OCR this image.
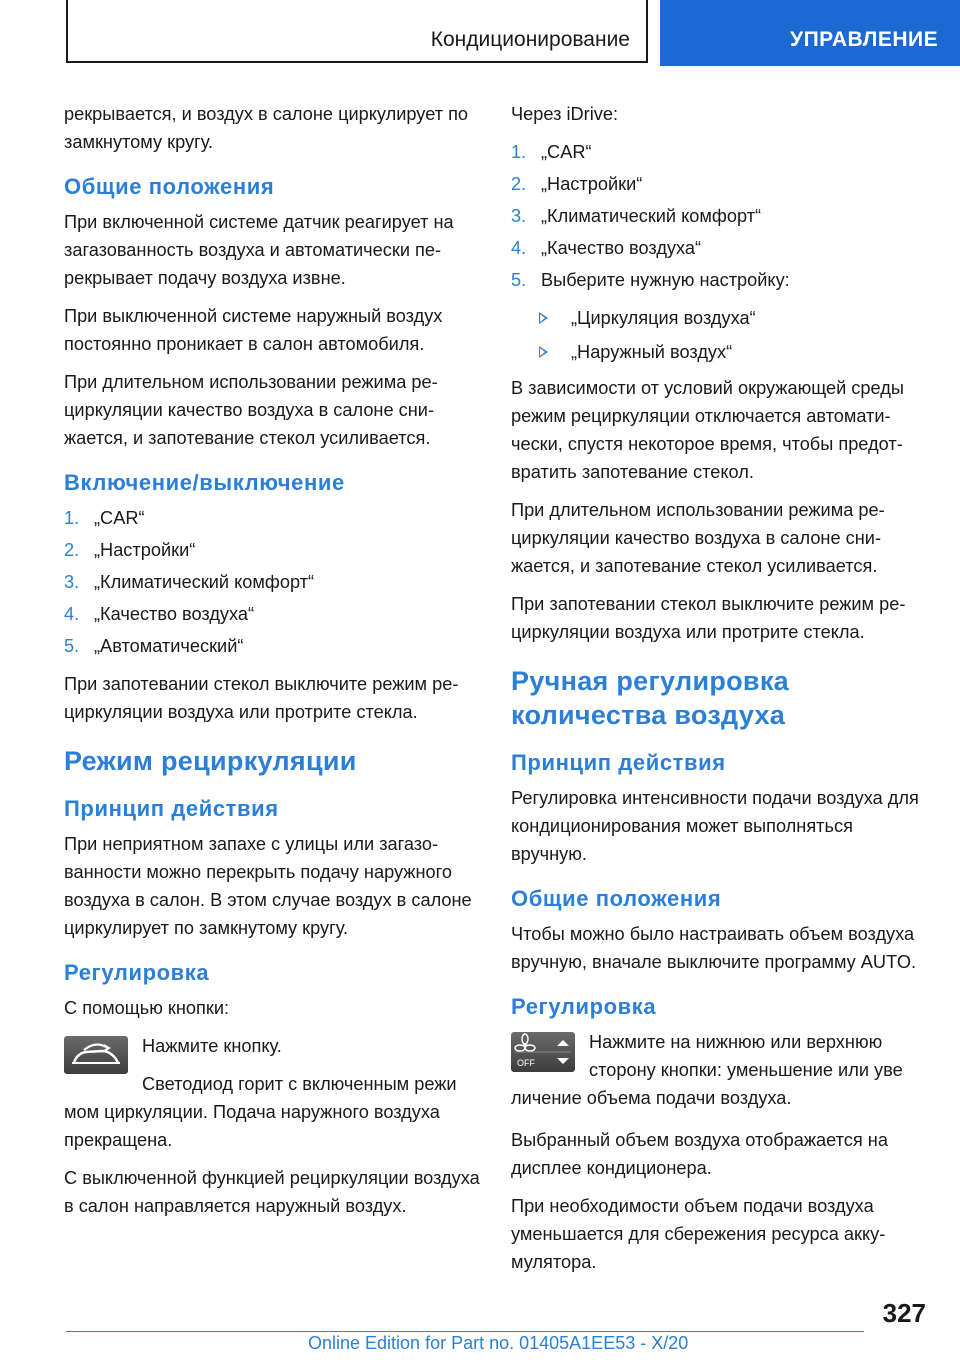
Кондиционирование	УПРАВЛЕНИЕ

рекрывается, и воздух в салоне циркулирует по замкнутому кругу.

Общие положения

При включенной системе датчик реагирует на загазованность воздуха и автоматически перекрывает подачу воздуха извне.

При выключенной системе наружный воздух постоянно проникает в салон автомобиля.

При длительном использовании режима рециркуляции качество воздуха в салоне снижается, и запотевание стекол усиливается.

Включение/выключение
1. „CAR“
2. „Настройки“
3. „Климатический комфорт“
4. „Качество воздуха“
5. „Автоматический“

При запотевании стекол выключите режим рециркуляции воздуха или протрите стекла.

Режим рециркуляции
Принцип действия

При неприятном запахе с улицы или загазованности можно перекрыть подачу наружного воздуха в салон. В этом случае воздух в салоне циркулирует по замкнутому кругу.

Регулировка

С помощью кнопки:

Нажмите кнопку.

Светодиод горит с включенным режи

мом циркуляции. Подача наружного воздуха прекращена.

С выключенной функцией рециркуляции воздуха в салон направляется наружный воздух.

Через iDrive:

1. „CAR“
2. „Настройки“
3. „Климатический комфорт“
4. „Качество воздуха“
5. Выберите нужную настройку:
„Циркуляция воздуха“
„Наружный воздух“

В зависимости от условий окружающей среды режим рециркуляции отключается автоматически, спустя некоторое время, чтобы предотвратить запотевание стекол.

При длительном использовании режима рециркуляции качество воздуха в салоне снижается, и запотевание стекол усиливается.

При запотевании стекол выключите режим рециркуляции воздуха или протрите стекла.

Ручная регулировка количества воздуха
Принцип действия

Регулировка интенсивности подачи воздуха для кондиционирования может выполняться вручную.

Общие положения

Чтобы можно было настраивать объем воздуха вручную, вначале выключите программу AUTO.

Регулировка
OFF

Нажмите на нижнюю или верхнюю сторону кнопки: уменьшение или уве

личение объема подачи воздуха.

Выбранный объем воздуха отображается на дисплее кондиционера.

При необходимости объем подачи воздуха уменьшается для сбережения ресурса аккумулятора.

327
Online Edition for Part no. 01405A1EE53 - X/20
